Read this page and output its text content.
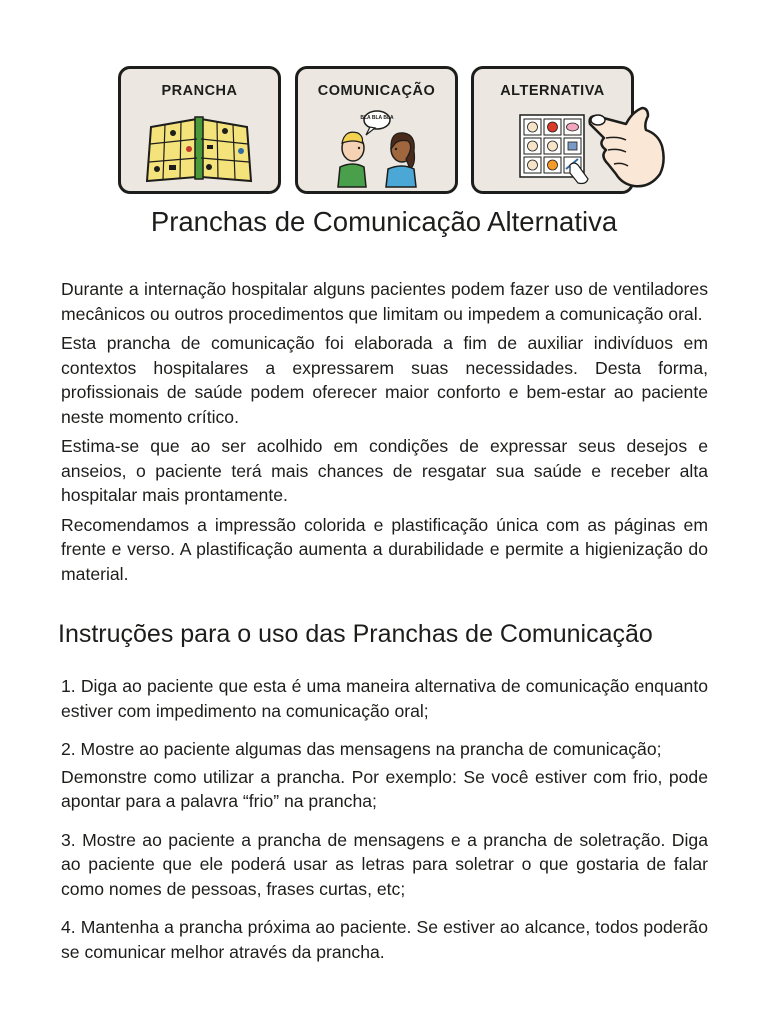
PRANCHA	COMUNICAÇÃO
BLA BLA BLA
ALTERNATIVA
Pranchas de Comunicação Alternativa

Durante a internação hospitalar alguns pacientes podem fazer uso de ventiladores mecânicos ou outros procedimentos que limitam ou impedem a comunicação oral.

Esta prancha de comunicação foi elaborada a fim de auxiliar indivíduos em contextos hospitalares a expressarem suas necessidades. Desta forma, profissionais de saúde podem oferecer maior conforto e bem-estar ao paciente neste momento crítico.

Estima-se que ao ser acolhido em condições de expressar seus desejos e anseios, o paciente terá mais chances de resgatar sua saúde e receber alta hospitalar mais prontamente.

Recomendamos a impressão colorida e plastificação única com as páginas em frente e verso. A plastificação aumenta a durabilidade e permite a higienização do material.

Instruções para o uso das Pranchas de Comunicação

1. Diga ao paciente que esta é uma maneira alternativa de comunicação enquanto estiver com impedimento na comunicação oral;

2. Mostre ao paciente algumas das mensagens na prancha de comunicação;

Demonstre como utilizar a prancha. Por exemplo: Se você estiver com frio, pode apontar para a palavra “frio” na prancha;

3. Mostre ao paciente a prancha de mensagens e a prancha de soletração. Diga ao paciente que ele poderá usar as letras para soletrar o que gostaria de falar como nomes de pessoas, frases curtas, etc;

4. Mantenha a prancha próxima ao paciente. Se estiver ao alcance, todos poderão se comunicar melhor através da prancha.
